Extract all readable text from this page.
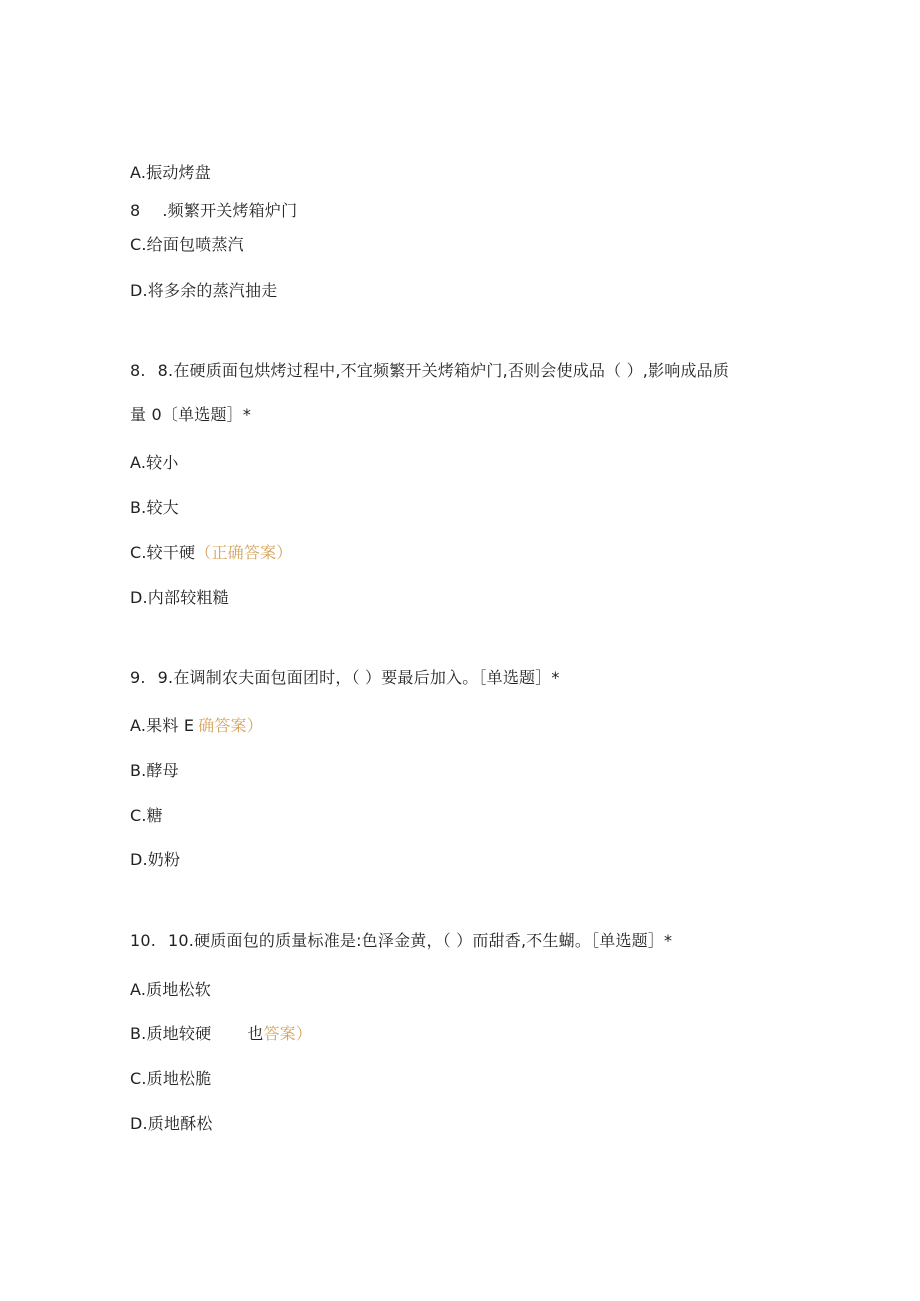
A.振动烤盘
8 .频繁开关烤箱炉门
C.给面包喷蒸汽
D.将多余的蒸汽抽走
8. 8.在硬质面包烘烤过程中,不宜频繁开关烤箱炉门,否则会使成品（ ）,影响成品质
量 0〔单选题］*
A.较小
B.较大
C.较干硬（正确答案）
D.内部较粗糙
9. 9.在调制农夫面包面团时，（ ）要最后加入。［单选题］*
A.果料 E 确答案）
B.酵母
C.糖
D.奶粉
10. 10.硬质面包的质量标准是:色泽金黄，（ ）而甜香,不生蝴。［单选题］*
A.质地松软
B.质地较硬 也答案）
C.质地松脆
D.质地酥松
